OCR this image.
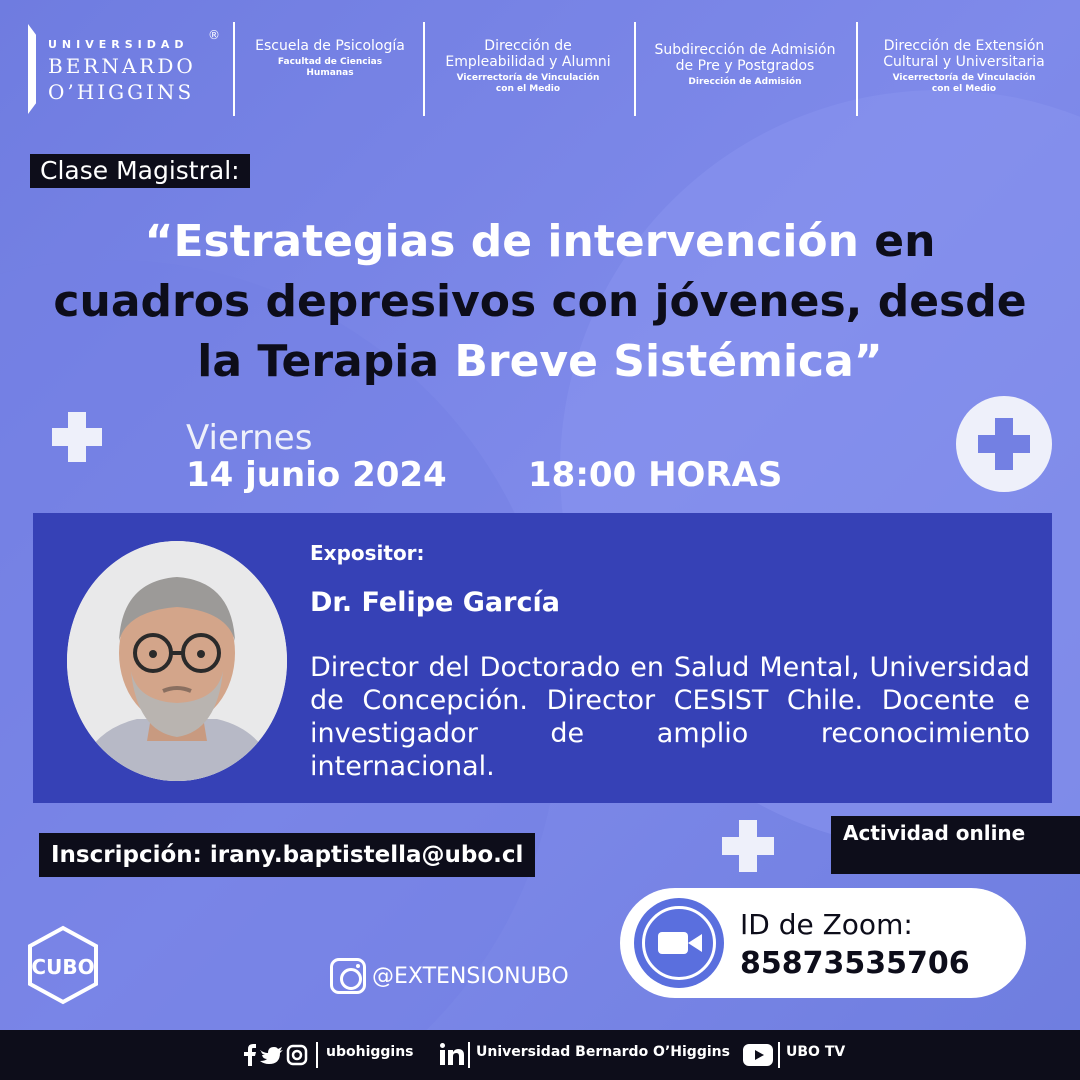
UNIVERSIDAD
BERNARDO
O’HIGGINS
®
Escuela de Psicología
Facultad de Ciencias Humanas
Dirección de Empleabilidad y Alumni
Vicerrectoría de Vinculación con el Medio
Subdirección de Admisión de Pre y Postgrados
Dirección de Admisión
Dirección de Extensión Cultural y Universitaria
Vicerrectoría de Vinculación con el Medio
Clase Magistral:
“Estrategias de intervención en cuadros depresivos con jóvenes, desde la Terapia Breve Sistémica”
Viernes
14 junio 2024 18:00 HORAS
Expositor:
Dr. Felipe García
Director del Doctorado en Salud Mental, Universidad de Concepción. Director CESIST Chile. Docente e investigador de amplio reconocimiento internacional.
Inscripción: irany.baptistella@ubo.cl
Actividad online
ID de Zoom:
85873535706
@EXTENSIONUBO
CUBO
ubohiggins	Universidad Bernardo O’Higgins	UBO TV
